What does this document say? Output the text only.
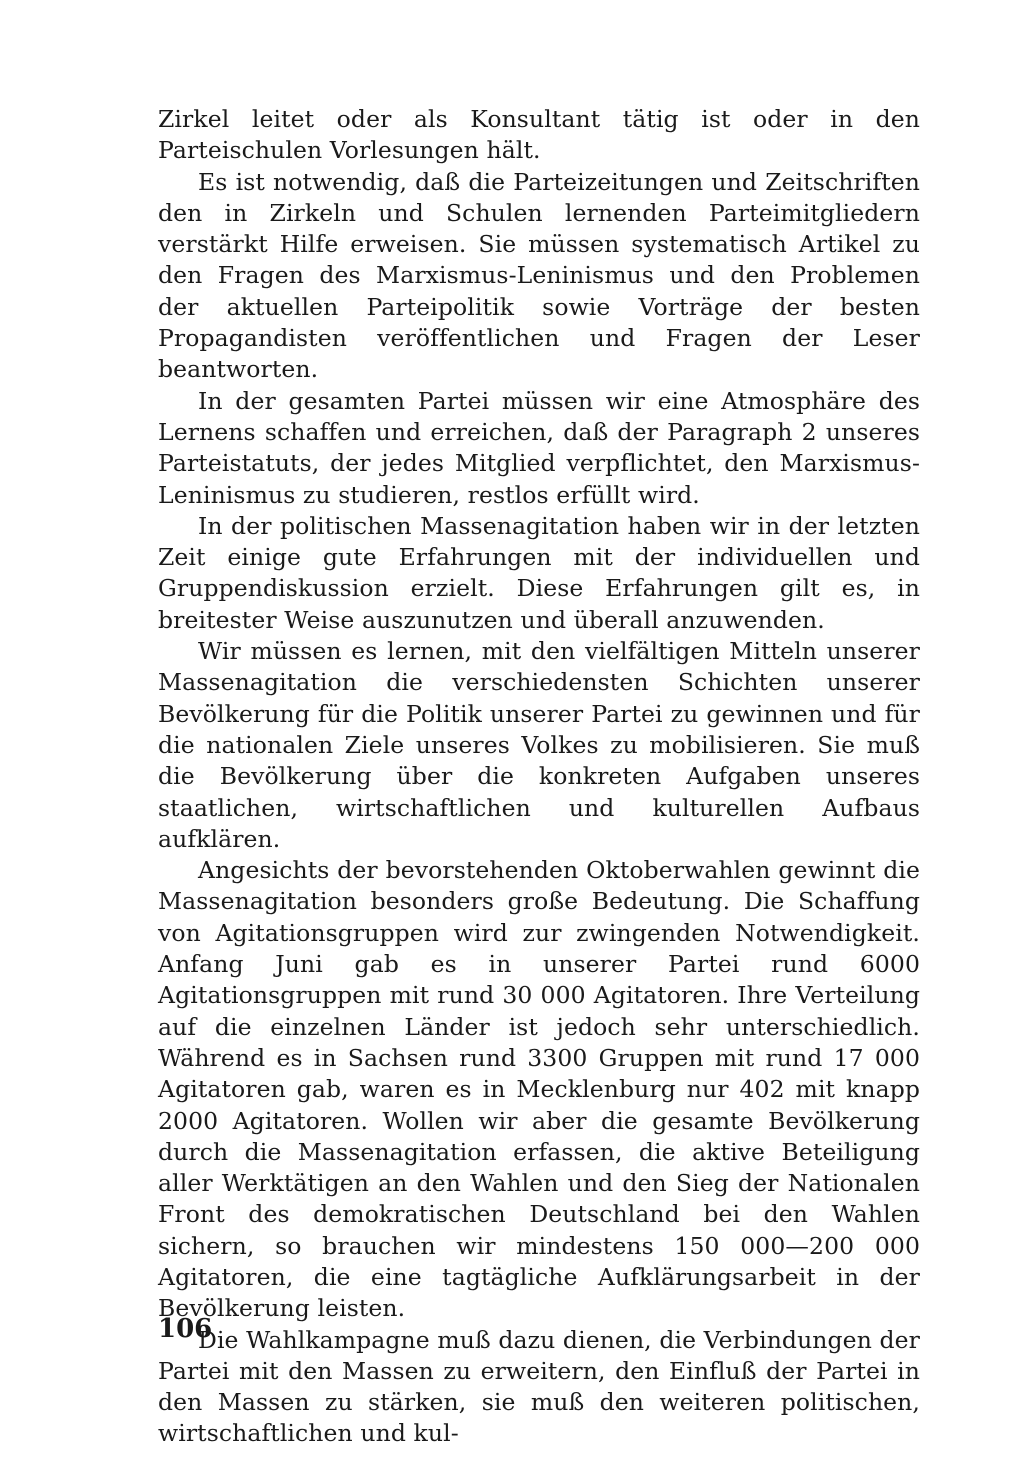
Zirkel leitet oder als Konsultant tätig ist oder in den Parteischulen Vorlesungen hält.

Es ist notwendig, daß die Parteizeitungen und Zeitschriften den in Zirkeln und Schulen lernenden Parteimitgliedern verstärkt Hilfe erweisen. Sie müssen systematisch Artikel zu den Fragen des Marxismus-Leninismus und den Problemen der aktuellen Parteipolitik sowie Vorträge der besten Propagandisten veröffentlichen und Fragen der Leser beantworten.

In der gesamten Partei müssen wir eine Atmosphäre des Lernens schaffen und erreichen, daß der Paragraph 2 unseres Parteistatuts, der jedes Mitglied verpflichtet, den Marxismus-Leninismus zu studieren, restlos erfüllt wird.

In der politischen Massenagitation haben wir in der letzten Zeit einige gute Erfahrungen mit der individuellen und Gruppendiskussion erzielt. Diese Erfahrungen gilt es, in breitester Weise auszunutzen und überall anzuwenden.

Wir müssen es lernen, mit den vielfältigen Mitteln unserer Massenagitation die verschiedensten Schichten unserer Bevölkerung für die Politik unserer Partei zu gewinnen und für die nationalen Ziele unseres Volkes zu mobilisieren. Sie muß die Bevölkerung über die konkreten Aufgaben unseres staatlichen, wirtschaftlichen und kulturellen Aufbaus aufklären.

Angesichts der bevorstehenden Oktoberwahlen gewinnt die Massenagitation besonders große Bedeutung. Die Schaffung von Agitationsgruppen wird zur zwingenden Notwendigkeit. Anfang Juni gab es in unserer Partei rund 6000 Agitationsgruppen mit rund 30 000 Agitatoren. Ihre Verteilung auf die einzelnen Länder ist jedoch sehr unterschiedlich. Während es in Sachsen rund 3300 Gruppen mit rund 17 000 Agitatoren gab, waren es in Mecklenburg nur 402 mit knapp 2000 Agitatoren. Wollen wir aber die gesamte Bevölkerung durch die Massenagitation erfassen, die aktive Beteiligung aller Werktätigen an den Wahlen und den Sieg der Nationalen Front des demokratischen Deutschland bei den Wahlen sichern, so brauchen wir mindestens 150 000—200 000 Agitatoren, die eine tagtägliche Aufklärungsarbeit in der Bevölkerung leisten.

Die Wahlkampagne muß dazu dienen, die Verbindungen der Partei mit den Massen zu erweitern, den Einfluß der Partei in den Massen zu stärken, sie muß den weiteren politischen, wirtschaftlichen und kul-

106
